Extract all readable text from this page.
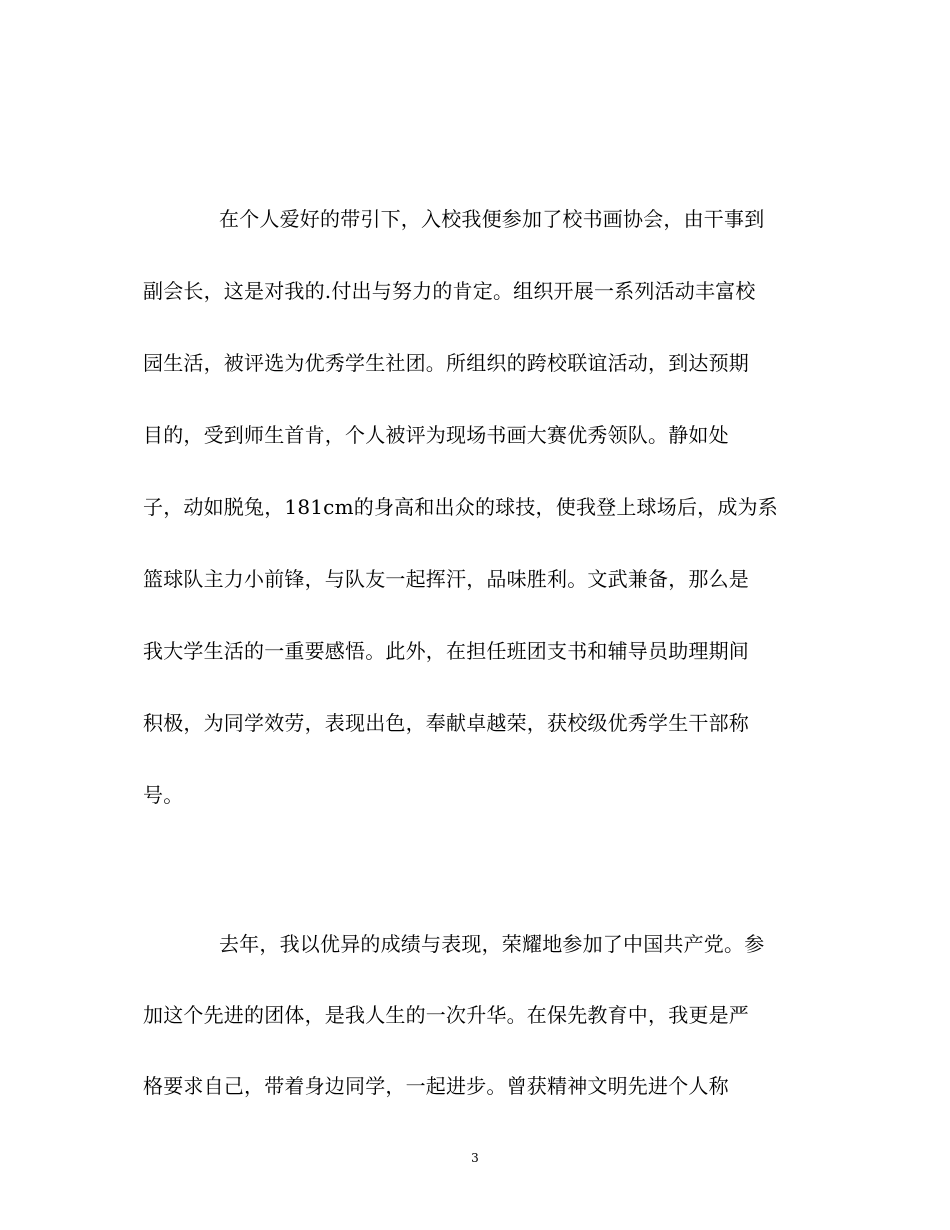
在个人爱好的带引下，入校我便参加了校书画协会，由干事到
副会长，这是对我的.付出与努力的肯定。组织开展一系列活动丰富校
园生活，被评选为优秀学生社团。所组织的跨校联谊活动，到达预期
目的，受到师生首肯，个人被评为现场书画大赛优秀领队。静如处
子，动如脱兔，181cm的身高和出众的球技，使我登上球场后，成为系
篮球队主力小前锋，与队友一起挥汗，品味胜利。文武兼备，那么是
我大学生活的一重要感悟。此外，在担任班团支书和辅导员助理期间
积极，为同学效劳，表现出色，奉献卓越荣，获校级优秀学生干部称
号。
去年，我以优异的成绩与表现，荣耀地参加了中国共产党。参
加这个先进的团体，是我人生的一次升华。在保先教育中，我更是严
格要求自己，带着身边同学，一起进步。曾获精神文明先进个人称
3
